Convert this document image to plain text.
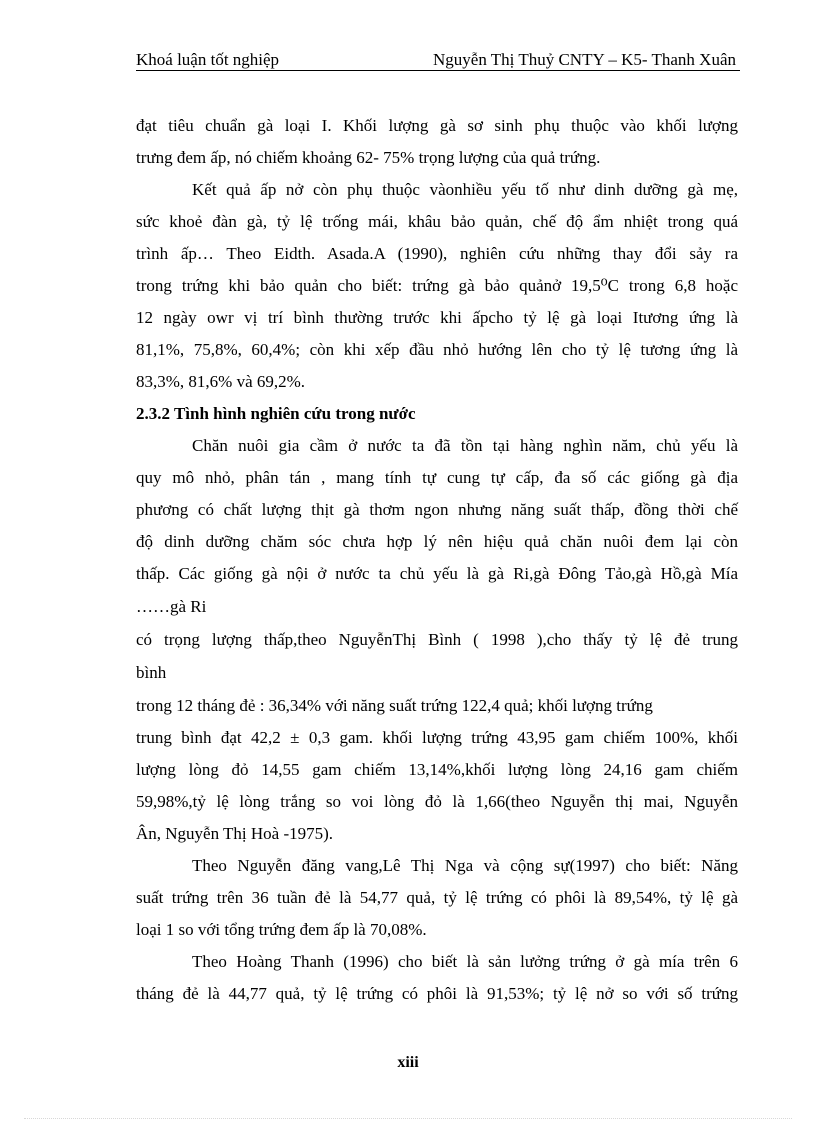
Khoá luận tốt nghiệp	Nguyễn Thị Thuỷ CNTY – K5- Thanh Xuân
đạt tiêu chuẩn gà loại I. Khối lượng gà sơ sinh phụ thuộc vào khối lượng
trưng đem ấp, nó chiếm khoảng 62- 75% trọng lượng của quả trứng.
Kết quả ấp nở còn phụ thuộc vàonhiều yếu tố như dinh dưỡng gà mẹ,
sức khoẻ đàn gà, tỷ lệ trống mái, khâu bảo quản, chế độ ẩm nhiệt trong quá
trình ấp… Theo Eidth. Asada.A (1990), nghiên cứu những thay đổi sảy ra
trong trứng khi bảo quản cho biết: trứng gà bảo quảnở 19,5⁰C trong 6,8 hoặc
12 ngày owr vị trí bình thường trước khi ấpcho tỷ lệ gà loại Itương ứng là
81,1%, 75,8%, 60,4%; còn khi xếp đầu nhỏ hướng lên cho tỷ lệ tương ứng là
83,3%, 81,6% và 69,2%.
2.3.2 Tình hình nghiên cứu trong nước
Chăn nuôi gia cầm ở nước ta đã tồn tại hàng nghìn năm, chủ yếu là
quy mô nhỏ, phân tán , mang tính tự cung tự cấp, đa số các giống gà địa
phương có chất lượng thịt gà thơm ngon nhưng năng suất thấp, đồng thời chế
độ dinh dưỡng chăm sóc chưa hợp lý nên hiệu quả chăn nuôi đem lại còn
thấp. Các giống gà nội ở nước ta chủ yếu là gà Ri,gà Đông Tảo,gà Hồ,gà Mía
……gà Ri
có trọng lượng thấp,theo NguyễnThị Bình ( 1998 ),cho thấy tỷ lệ đẻ trung
bình
trong 12 tháng đẻ : 36,34% với năng suất trứng 122,4 quả; khối lượng trứng
trung bình đạt 42,2 ± 0,3 gam. khối lượng trứng 43,95 gam chiếm 100%, khối
lượng lòng đỏ 14,55 gam chiếm 13,14%,khối lượng lòng 24,16 gam chiếm
59,98%,tỷ lệ lòng trắng so voi lòng đỏ là 1,66(theo Nguyễn thị mai, Nguyễn
Ân, Nguyễn Thị Hoà -1975).
Theo Nguyễn đăng vang,Lê Thị Nga và cộng sự(1997) cho biết: Năng
suất trứng trên 36 tuần đẻ là 54,77 quả, tỷ lệ trứng có phôi là 89,54%, tỷ lệ gà
loại 1 so với tổng trứng đem ấp là 70,08%.
Theo Hoàng Thanh (1996) cho biết là sản lưởng trứng ở gà mía trên 6
tháng đẻ là 44,77 quả, tỷ lệ trứng có phôi là 91,53%; tỷ lệ nở so với số trứng
xiii
